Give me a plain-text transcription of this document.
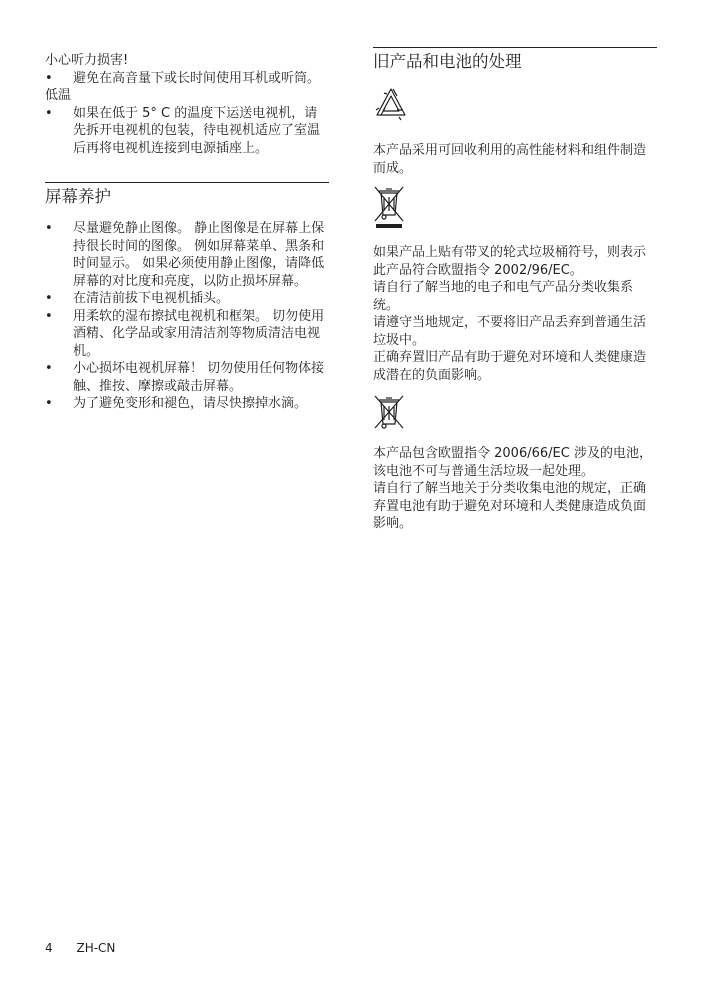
小心听力损害!

• 避免在高音量下或长时间使用耳机或听筒。

低温

• 如果在低于 5° C 的温度下运送电视机，请先拆开电视机的包装，待电视机适应了室温后再将电视机连接到电源插座上。
屏幕养护
• 尽量避免静止图像。 静止图像是在屏幕上保持很长时间的图像。 例如屏幕菜单、黑条和时间显示。 如果必须使用静止图像，请降低屏幕的对比度和亮度，以防止损坏屏幕。
• 在清洁前拔下电视机插头。
• 用柔软的湿布擦拭电视机和框架。 切勿使用酒精、化学品或家用清洁剂等物质清洁电视机。
• 小心损坏电视机屏幕！ 切勿使用任何物体接触、推按、摩擦或敲击屏幕。
• 为了避免变形和褪色，请尽快擦掉水滴。
旧产品和电池的处理

本产品采用可回收利用的高性能材料和组件制造而成。

如果产品上贴有带叉的轮式垃圾桶符号，则表示此产品符合欧盟指令 2002/96/EC。

请自行了解当地的电子和电气产品分类收集系统。

请遵守当地规定，不要将旧产品丢弃到普通生活垃圾中。

正确弃置旧产品有助于避免对环境和人类健康造成潜在的负面影响。

本产品包含欧盟指令 2006/66/EC 涉及的电池，该电池不可与普通生活垃圾一起处理。

请自行了解当地关于分类收集电池的规定，正确弃置电池有助于避免对环境和人类健康造成负面影响。

4 ZH-CN
